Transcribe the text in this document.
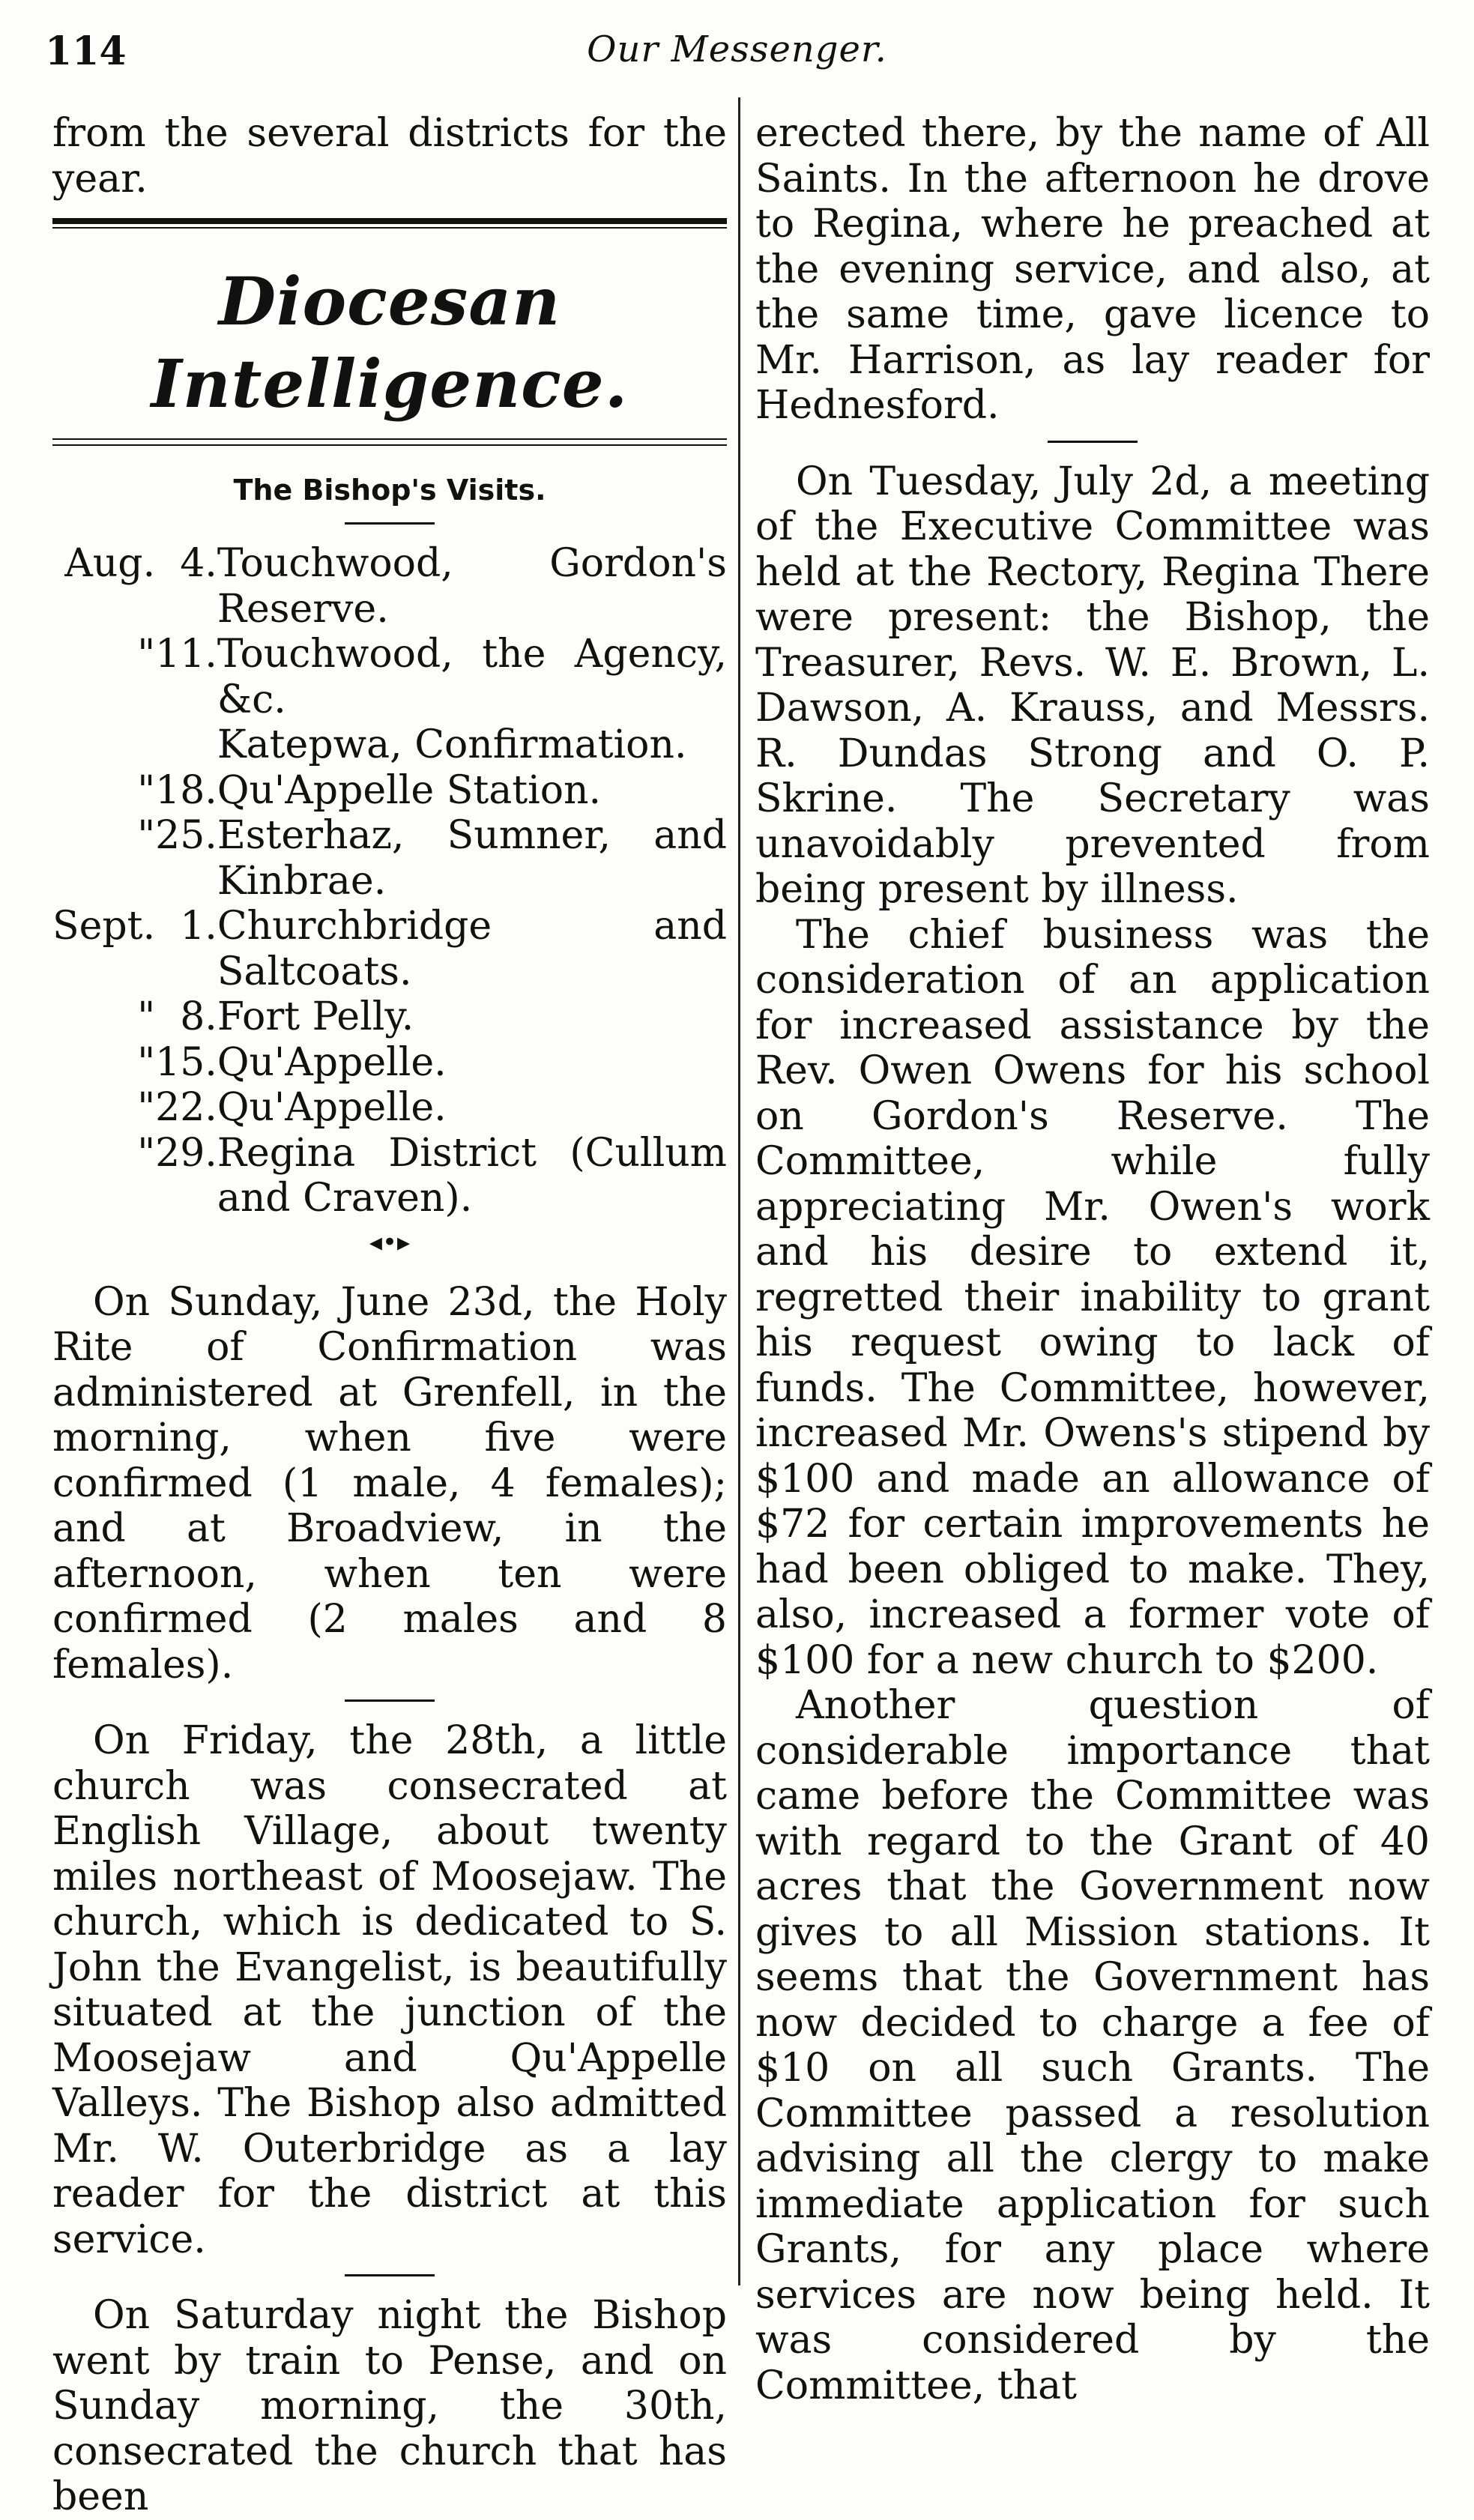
114	Our Messenger.

from the several districts for the year.

Diocesan Intelligence.
The Bishop's Visits.
Aug.	4.	Touchwood, Gordon's Reserve.
"	11.	Touchwood, the Agency, &c.
		Katepwa, Confirmation.
"	18.	Qu'Appelle Station.
"	25.	Esterhaz, Sumner, and Kinbrae.
Sept.	1.	Churchbridge and Saltcoats.
"	8.	Fort Pelly.
"	15.	Qu'Appelle.
"	22.	Qu'Appelle.
"	29.	Regina District (Cullum and Craven).
◂•▸

On Sunday, June 23d, the Holy Rite of Confirmation was administered at Grenfell, in the morning, when five were confirmed (1 male, 4 females); and at Broadview, in the afternoon, when ten were confirmed (2 males and 8 females).

On Friday, the 28th, a little church was consecrated at English Village, about twenty miles northeast of Moosejaw. The church, which is dedicated to S. John the Evangelist, is beautifully situated at the junction of the Moosejaw and Qu'Appelle Valleys. The Bishop also admitted Mr. W. Outerbridge as a lay reader for the district at this service.

On Saturday night the Bishop went by train to Pense, and on Sunday morning, the 30th, consecrated the church that has been

erected there, by the name of All Saints. In the afternoon he drove to Regina, where he preached at the evening service, and also, at the same time, gave licence to Mr. Harrison, as lay reader for Hednesford.

On Tuesday, July 2d, a meeting of the Executive Committee was held at the Rectory, Regina There were present: the Bishop, the Treasurer, Revs. W. E. Brown, L. Dawson, A. Krauss, and Messrs. R. Dundas Strong and O. P. Skrine. The Secretary was unavoidably prevented from being present by illness.

The chief business was the consideration of an application for increased assistance by the Rev. Owen Owens for his school on Gordon's Reserve. The Committee, while fully appreciating Mr. Owen's work and his desire to extend it, regretted their inability to grant his request owing to lack of funds. The Committee, however, increased Mr. Owens's stipend by $100 and made an allowance of $72 for certain improvements he had been obliged to make. They, also, increased a former vote of $100 for a new church to $200.

Another question of considerable importance that came before the Committee was with regard to the Grant of 40 acres that the Government now gives to all Mission stations. It seems that the Government has now decided to charge a fee of $10 on all such Grants. The Committee passed a resolution advising all the clergy to make immediate application for such Grants, for any place where services are now being held. It was considered by the Committee, that
